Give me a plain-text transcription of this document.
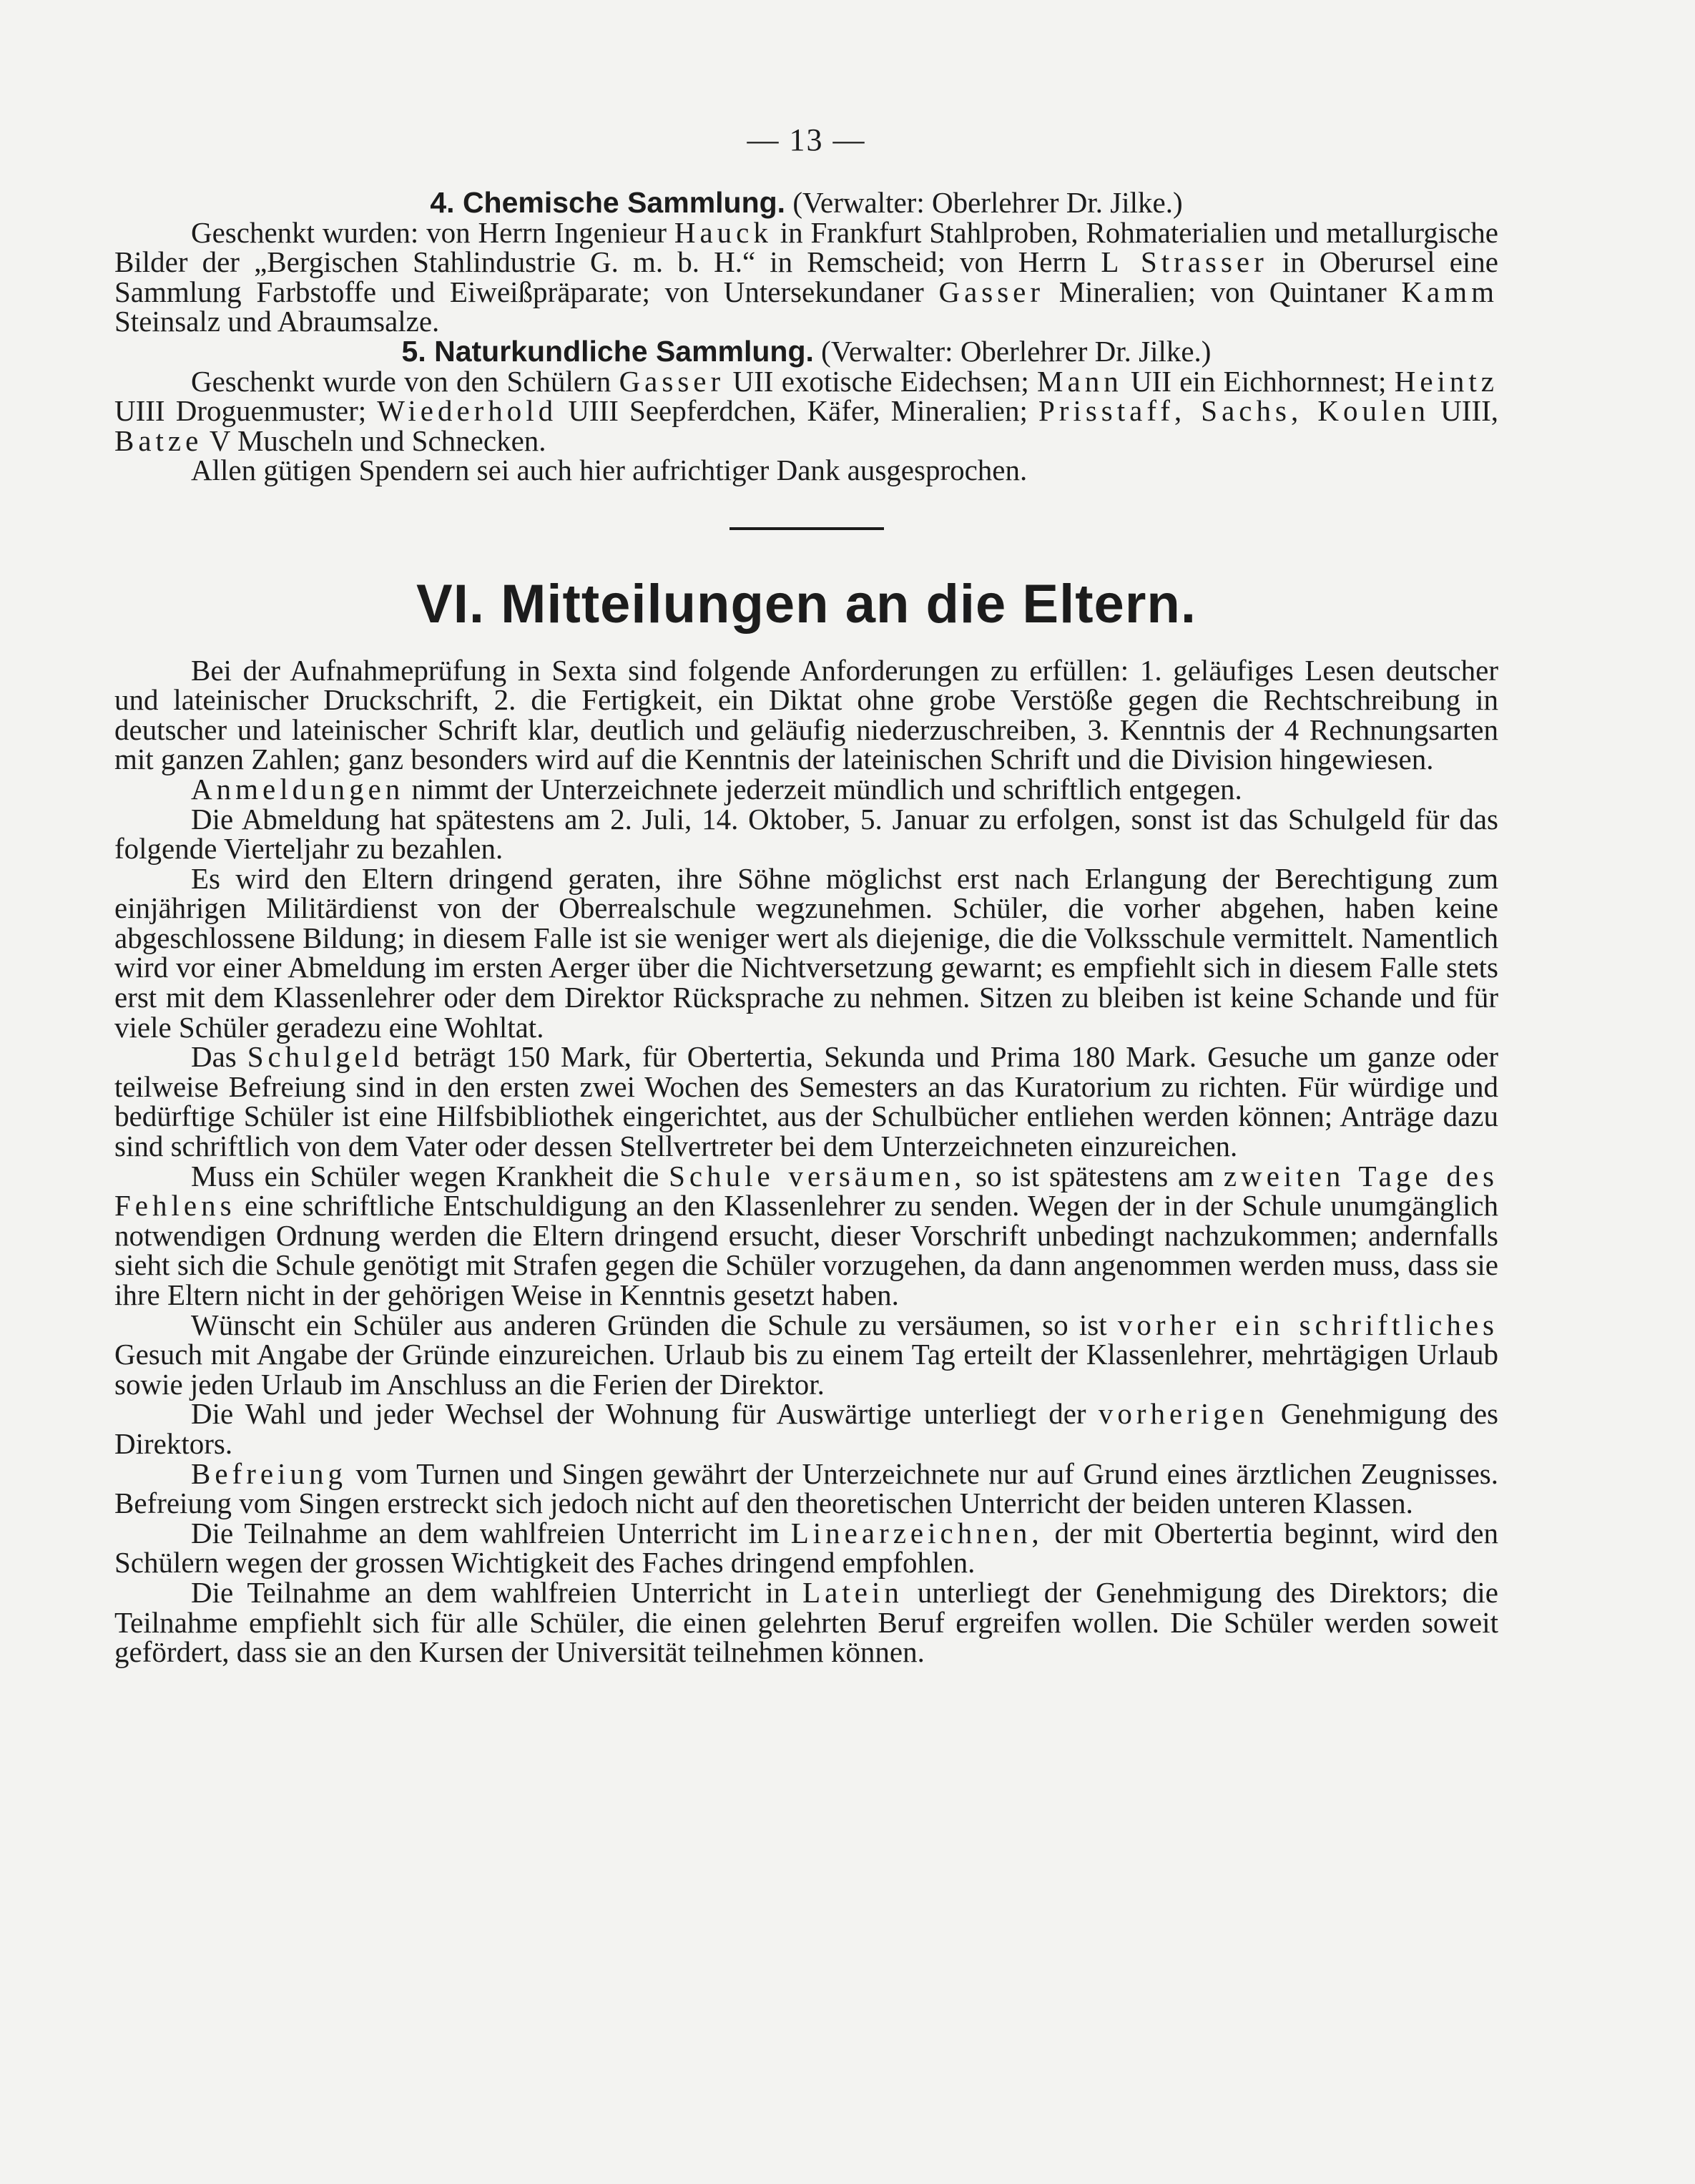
— 13 —

4. Chemische Sammlung. (Verwalter: Oberlehrer Dr. Jilke.)

Geschenkt wurden: von Herrn Ingenieur Hauck in Frankfurt Stahlproben, Rohmaterialien und metallurgische Bilder der „Bergischen Stahlindustrie G. m. b. H.“ in Remscheid; von Herrn L Strasser in Oberursel eine Sammlung Farbstoffe und Eiweißpräparate; von Untersekundaner Gasser Mineralien; von Quintaner Kamm Steinsalz und Abraumsalze.

5. Naturkundliche Sammlung. (Verwalter: Oberlehrer Dr. Jilke.)

Geschenkt wurde von den Schülern Gasser UII exotische Eidechsen; Mann UII ein Eichhornnest; Heintz UIII Droguenmuster; Wiederhold UIII Seepferdchen, Käfer, Mineralien; Prisstaff, Sachs, Koulen UIII, Batze V Muscheln und Schnecken.

Allen gütigen Spendern sei auch hier aufrichtiger Dank ausgesprochen.

VI. Mitteilungen an die Eltern.

Bei der Aufnahmeprüfung in Sexta sind folgende Anforderungen zu erfüllen: 1. geläufiges Lesen deutscher und lateinischer Druckschrift, 2. die Fertigkeit, ein Diktat ohne grobe Verstöße gegen die Rechtschreibung in deutscher und lateinischer Schrift klar, deutlich und geläufig niederzuschreiben, 3. Kenntnis der 4 Rechnungsarten mit ganzen Zahlen; ganz besonders wird auf die Kenntnis der lateinischen Schrift und die Division hingewiesen.

Anmeldungen nimmt der Unterzeichnete jederzeit mündlich und schriftlich entgegen.

Die Abmeldung hat spätestens am 2. Juli, 14. Oktober, 5. Januar zu erfolgen, sonst ist das Schulgeld für das folgende Vierteljahr zu bezahlen.

Es wird den Eltern dringend geraten, ihre Söhne möglichst erst nach Erlangung der Berechtigung zum einjährigen Militärdienst von der Oberrealschule wegzunehmen. Schüler, die vorher abgehen, haben keine abgeschlossene Bildung; in diesem Falle ist sie weniger wert als diejenige, die die Volksschule vermittelt. Namentlich wird vor einer Abmeldung im ersten Aerger über die Nichtversetzung gewarnt; es empfiehlt sich in diesem Falle stets erst mit dem Klassenlehrer oder dem Direktor Rücksprache zu nehmen. Sitzen zu bleiben ist keine Schande und für viele Schüler geradezu eine Wohltat.

Das Schulgeld beträgt 150 Mark, für Obertertia, Sekunda und Prima 180 Mark. Gesuche um ganze oder teilweise Befreiung sind in den ersten zwei Wochen des Semesters an das Kuratorium zu richten. Für würdige und bedürftige Schüler ist eine Hilfsbibliothek eingerichtet, aus der Schulbücher entliehen werden können; Anträge dazu sind schriftlich von dem Vater oder dessen Stellvertreter bei dem Unterzeichneten einzureichen.

Muss ein Schüler wegen Krankheit die Schule versäumen, so ist spätestens am zweiten Tage des Fehlens eine schriftliche Entschuldigung an den Klassenlehrer zu senden. Wegen der in der Schule unumgänglich notwendigen Ordnung werden die Eltern dringend ersucht, dieser Vorschrift unbedingt nachzukommen; andernfalls sieht sich die Schule genötigt mit Strafen gegen die Schüler vorzugehen, da dann angenommen werden muss, dass sie ihre Eltern nicht in der gehörigen Weise in Kenntnis gesetzt haben.

Wünscht ein Schüler aus anderen Gründen die Schule zu versäumen, so ist vorher ein schriftliches Gesuch mit Angabe der Gründe einzureichen. Urlaub bis zu einem Tag erteilt der Klassenlehrer, mehrtägigen Urlaub sowie jeden Urlaub im Anschluss an die Ferien der Direktor.

Die Wahl und jeder Wechsel der Wohnung für Auswärtige unterliegt der vorherigen Genehmigung des Direktors.

Befreiung vom Turnen und Singen gewährt der Unterzeichnete nur auf Grund eines ärztlichen Zeugnisses. Befreiung vom Singen erstreckt sich jedoch nicht auf den theoretischen Unterricht der beiden unteren Klassen.

Die Teilnahme an dem wahlfreien Unterricht im Linearzeichnen, der mit Obertertia beginnt, wird den Schülern wegen der grossen Wichtigkeit des Faches dringend empfohlen.

Die Teilnahme an dem wahlfreien Unterricht in Latein unterliegt der Genehmigung des Direktors; die Teilnahme empfiehlt sich für alle Schüler, die einen gelehrten Beruf ergreifen wollen. Die Schüler werden soweit gefördert, dass sie an den Kursen der Universität teilnehmen können.
